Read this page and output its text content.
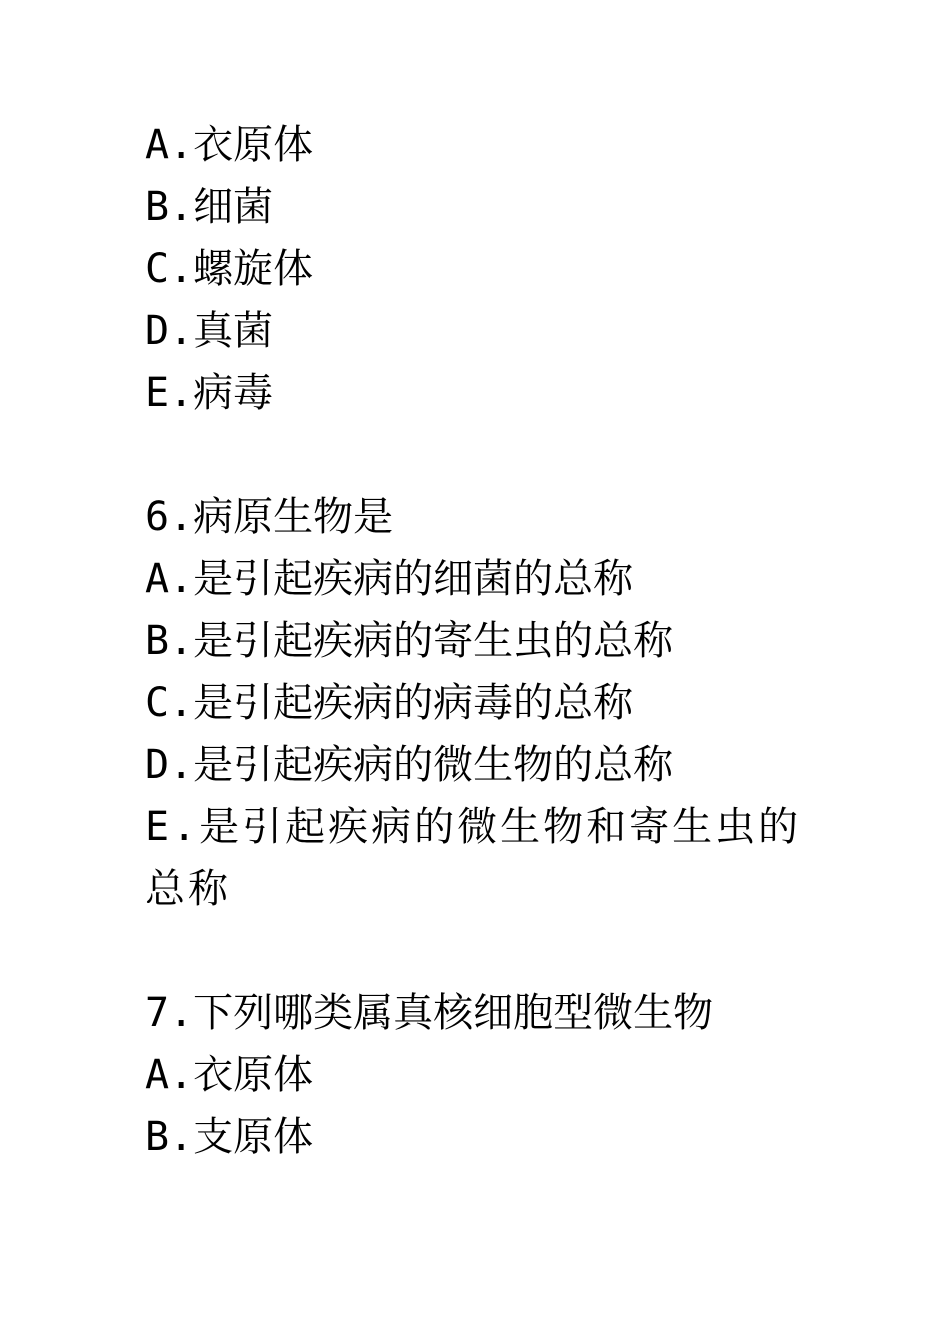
A.衣原体
B.细菌
C.螺旋体
D.真菌
E.病毒
6.病原生物是
A.是引起疾病的细菌的总称
B.是引起疾病的寄生虫的总称
C.是引起疾病的病毒的总称
D.是引起疾病的微生物的总称
E.是引起疾病的微生物和寄生虫的总称
7.下列哪类属真核细胞型微生物
A.衣原体
B.支原体
